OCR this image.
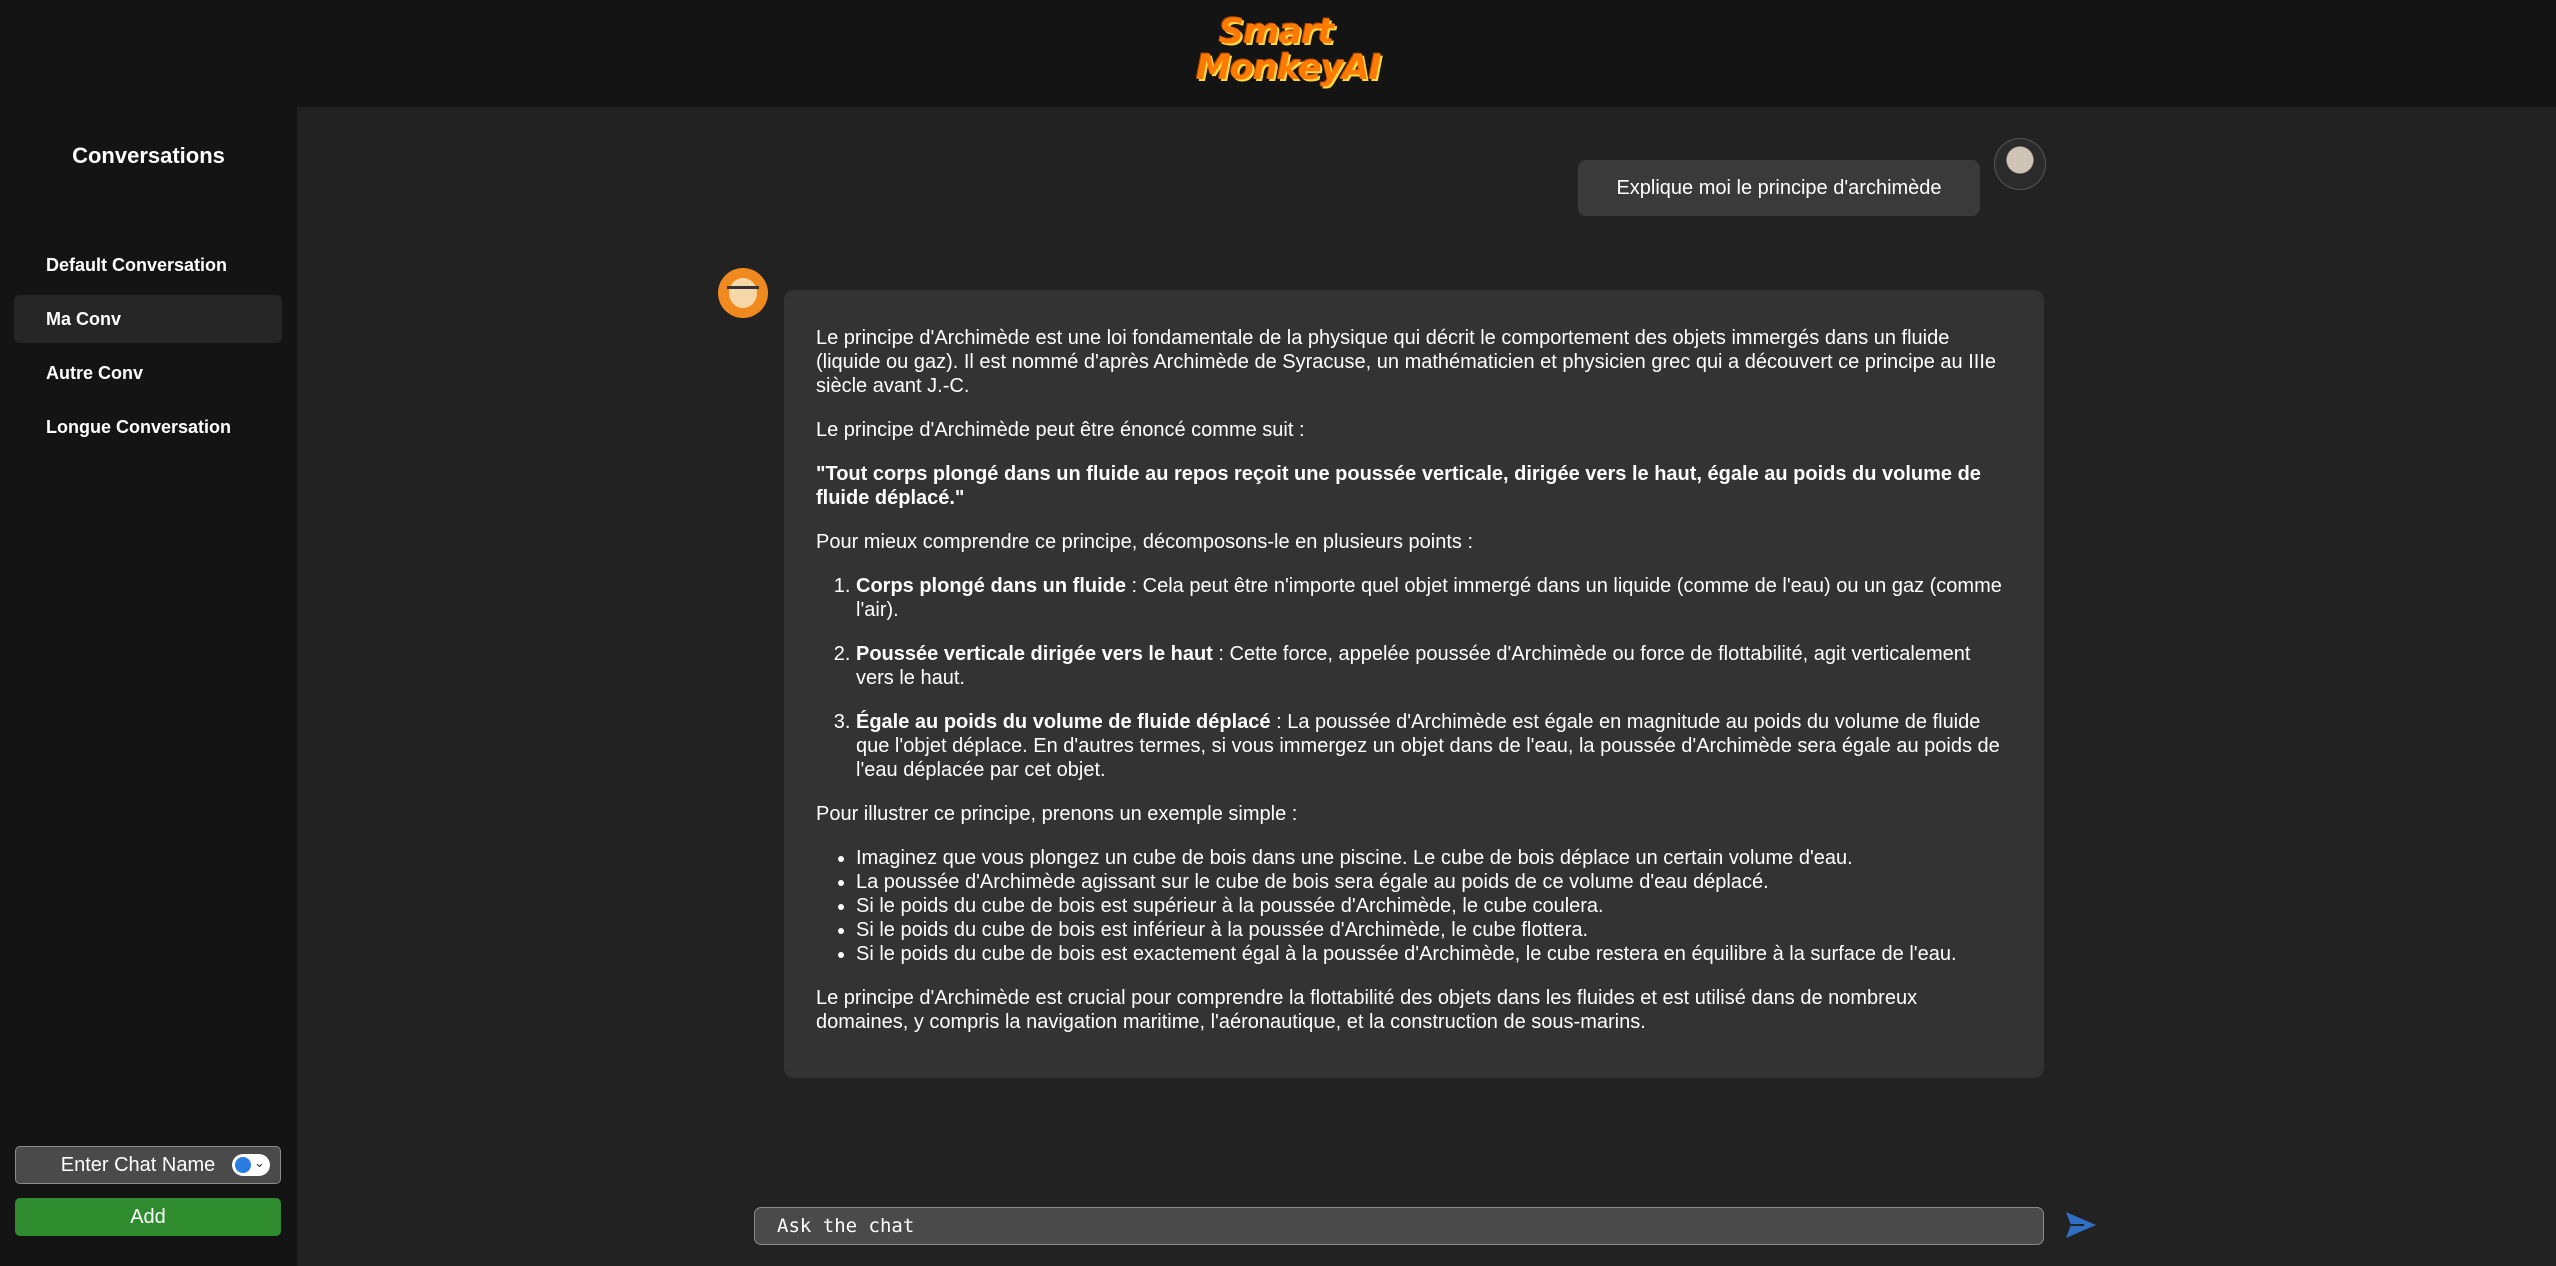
Smart
MonkeyAI
Conversations
Default Conversation
Ma Conv
Autre Conv
Longue Conversation
Enter Chat Name	⌄
Add
Explique moi le principe d'archimède

Le principe d'Archimède est une loi fondamentale de la physique qui décrit le comportement des objets immergés dans un fluide (liquide ou gaz). Il est nommé d'après Archimède de Syracuse, un mathématicien et physicien grec qui a découvert ce principe au IIIe siècle avant J.-C.

Le principe d'Archimède peut être énoncé comme suit :

"Tout corps plongé dans un fluide au repos reçoit une poussée verticale, dirigée vers le haut, égale au poids du volume de fluide déplacé."

Pour mieux comprendre ce principe, décomposons-le en plusieurs points :

1. Corps plongé dans un fluide : Cela peut être n'importe quel objet immergé dans un liquide (comme de l'eau) ou un gaz (comme l'air).
2. Poussée verticale dirigée vers le haut : Cette force, appelée poussée d'Archimède ou force de flottabilité, agit verticalement vers le haut.
3. Égale au poids du volume de fluide déplacé : La poussée d'Archimède est égale en magnitude au poids du volume de fluide que l'objet déplace. En d'autres termes, si vous immergez un objet dans de l'eau, la poussée d'Archimède sera égale au poids de l'eau déplacée par cet objet.

Pour illustrer ce principe, prenons un exemple simple :

• Imaginez que vous plongez un cube de bois dans une piscine. Le cube de bois déplace un certain volume d'eau.
• La poussée d'Archimède agissant sur le cube de bois sera égale au poids de ce volume d'eau déplacé.
• Si le poids du cube de bois est supérieur à la poussée d'Archimède, le cube coulera.
• Si le poids du cube de bois est inférieur à la poussée d'Archimède, le cube flottera.
• Si le poids du cube de bois est exactement égal à la poussée d'Archimède, le cube restera en équilibre à la surface de l'eau.

Le principe d'Archimède est crucial pour comprendre la flottabilité des objets dans les fluides et est utilisé dans de nombreux domaines, y compris la navigation maritime, l'aéronautique, et la construction de sous-marins.

Ask the chat
